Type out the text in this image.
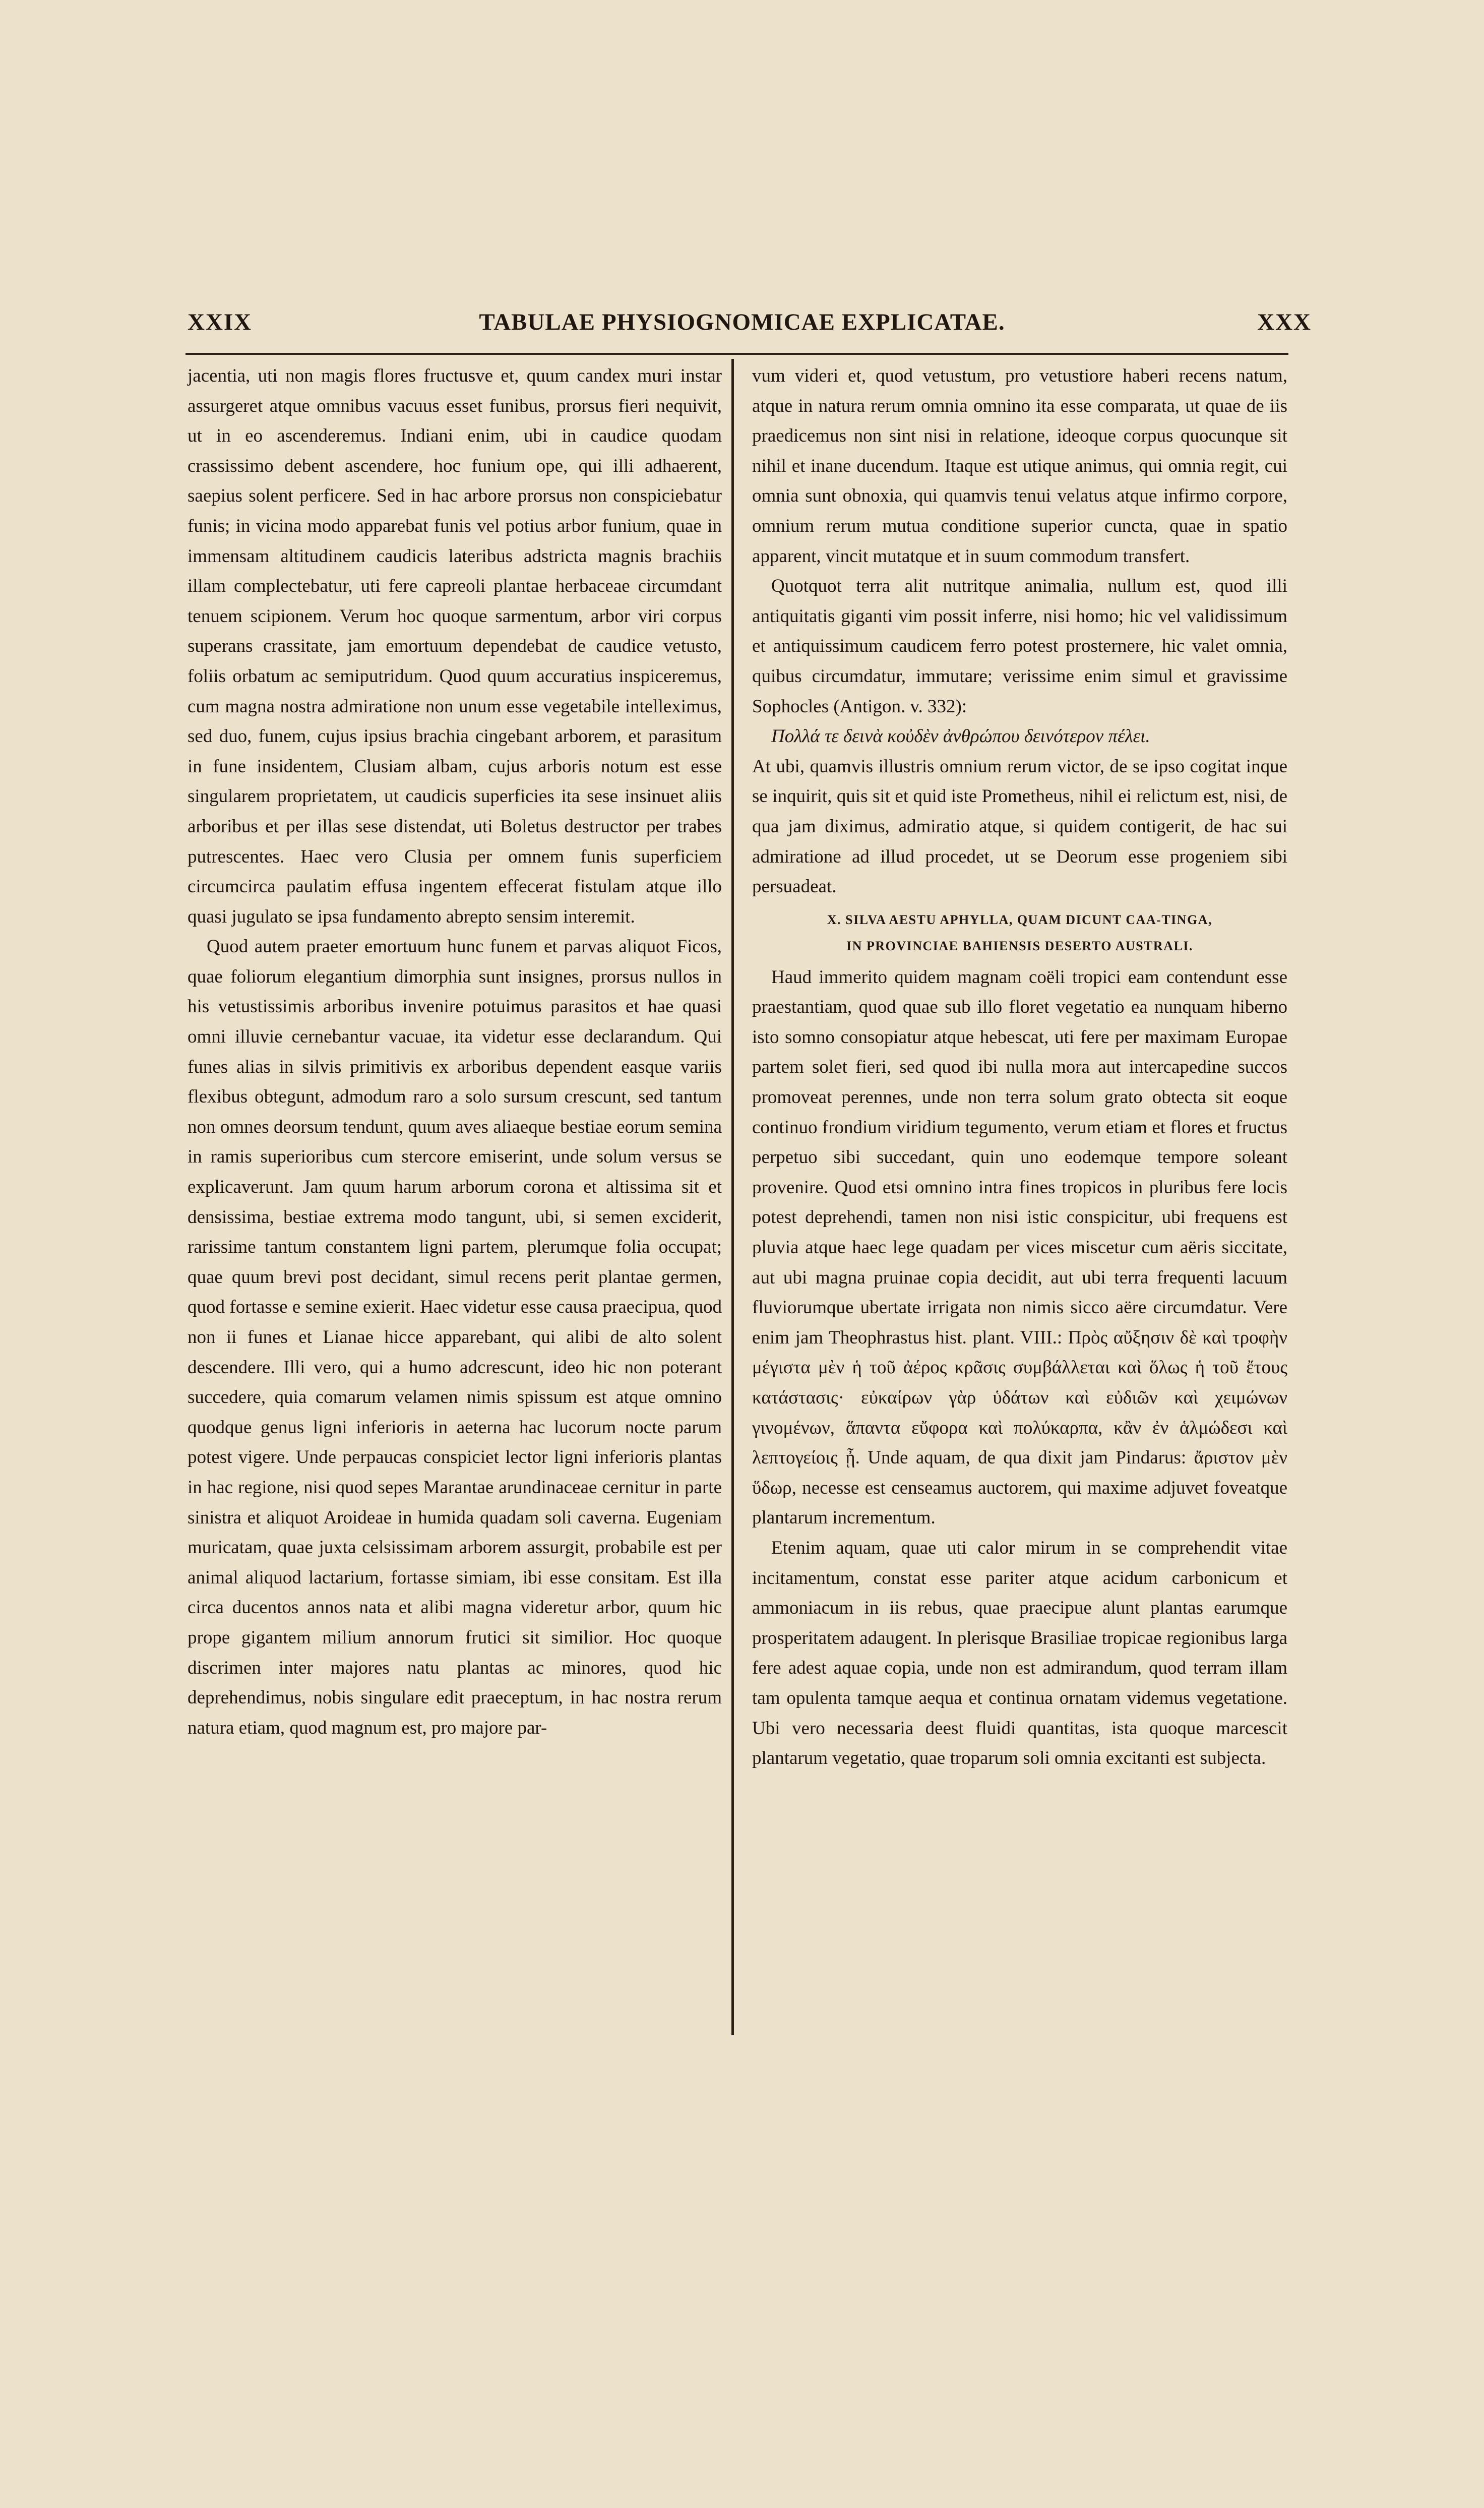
XXIX	TABULAE PHYSIOGNOMICAE EXPLICATAE.	XXX

jacentia, uti non magis flores fructusve et, quum candex muri instar assurgeret atque omnibus vacuus esset funibus, prorsus fieri nequivit, ut in eo ascenderemus. Indiani enim, ubi in caudice quodam crassissimo debent ascendere, hoc funium ope, qui illi adhaerent, saepius solent perficere. Sed in hac arbore prorsus non conspiciebatur funis; in vicina modo apparebat funis vel potius arbor funium, quae in immensam altitudinem caudicis lateribus adstricta magnis brachiis illam complectebatur, uti fere capreoli plantae herbaceae circumdant tenuem scipionem. Verum hoc quoque sarmentum, arbor viri corpus superans crassitate, jam emortuum dependebat de caudice vetusto, foliis orbatum ac semiputridum. Quod quum accuratius inspiceremus, cum magna nostra admiratione non unum esse vegetabile intelleximus, sed duo, funem, cujus ipsius brachia cingebant arborem, et parasitum in fune insidentem, Clusiam albam, cujus arboris notum est esse singularem proprietatem, ut caudicis superficies ita sese insinuet aliis arboribus et per illas sese distendat, uti Boletus destructor per trabes putrescentes. Haec vero Clusia per omnem funis superficiem circumcirca paulatim effusa ingentem effecerat fistulam atque illo quasi jugulato se ipsa fundamento abrepto sensim interemit.

Quod autem praeter emortuum hunc funem et parvas aliquot Ficos, quae foliorum elegantium dimorphia sunt insignes, prorsus nullos in his vetustissimis arboribus invenire potuimus parasitos et hae quasi omni illuvie cernebantur vacuae, ita videtur esse declarandum. Qui funes alias in silvis primitivis ex arboribus dependent easque variis flexibus obtegunt, admodum raro a solo sursum crescunt, sed tantum non omnes deorsum tendunt, quum aves aliaeque bestiae eorum semina in ramis superioribus cum stercore emiserint, unde solum versus se explicaverunt. Jam quum harum arborum corona et altissima sit et densissima, bestiae extrema modo tangunt, ubi, si semen exciderit, rarissime tantum constantem ligni partem, plerumque folia occupat; quae quum brevi post decidant, simul recens perit plantae germen, quod fortasse e semine exierit. Haec videtur esse causa praecipua, quod non ii funes et Lianae hicce apparebant, qui alibi de alto solent descendere. Illi vero, qui a humo adcrescunt, ideo hic non poterant succedere, quia comarum velamen nimis spissum est atque omnino quodque genus ligni inferioris in aeterna hac lucorum nocte parum potest vigere. Unde perpaucas conspiciet lector ligni inferioris plantas in hac regione, nisi quod sepes Marantae arundinaceae cernitur in parte sinistra et aliquot Aroideae in humida quadam soli caverna. Eugeniam muricatam, quae juxta celsissimam arborem assurgit, probabile est per animal aliquod lactarium, fortasse simiam, ibi esse consitam. Est illa circa ducentos annos nata et alibi magna videretur arbor, quum hic prope gigantem milium annorum frutici sit similior. Hoc quoque discrimen inter majores natu plantas ac minores, quod hic deprehendimus, nobis singulare edit praeceptum, in hac nostra rerum natura etiam, quod magnum est, pro majore par-

vum videri et, quod vetustum, pro vetustiore haberi recens natum, atque in natura rerum omnia omnino ita esse comparata, ut quae de iis praedicemus non sint nisi in relatione, ideoque corpus quocunque sit nihil et inane ducendum. Itaque est utique animus, qui omnia regit, cui omnia sunt obnoxia, qui quamvis tenui velatus atque infirmo corpore, omnium rerum mutua conditione superior cuncta, quae in spatio apparent, vincit mutatque et in suum commodum transfert.

Quotquot terra alit nutritque animalia, nullum est, quod illi antiquitatis giganti vim possit inferre, nisi homo; hic vel validissimum et antiquissimum caudicem ferro potest prosternere, hic valet omnia, quibus circumdatur, immutare; verissime enim simul et gravissime Sophocles (Antigon. v. 332):

Πολλά τε δεινὰ κοὐδὲν ἀνθρώπου δεινότερον πέλει.

At ubi, quamvis illustris omnium rerum victor, de se ipso cogitat inque se inquirit, quis sit et quid iste Prometheus, nihil ei relictum est, nisi, de qua jam diximus, admiratio atque, si quidem contigerit, de hac sui admiratione ad illud procedet, ut se Deorum esse progeniem sibi persuadeat.

X. SILVA AESTU APHYLLA, QUAM DICUNT CAA-TINGA,
IN PROVINCIAE BAHIENSIS DESERTO AUSTRALI.

Haud immerito quidem magnam coëli tropici eam contendunt esse praestantiam, quod quae sub illo floret vegetatio ea nunquam hiberno isto somno consopiatur atque hebescat, uti fere per maximam Europae partem solet fieri, sed quod ibi nulla mora aut intercapedine succos promoveat perennes, unde non terra solum grato obtecta sit eoque continuo frondium viridium tegumento, verum etiam et flores et fructus perpetuo sibi succedant, quin uno eodemque tempore soleant provenire. Quod etsi omnino intra fines tropicos in pluribus fere locis potest deprehendi, tamen non nisi istic conspicitur, ubi frequens est pluvia atque haec lege quadam per vices miscetur cum aëris siccitate, aut ubi magna pruinae copia decidit, aut ubi terra frequenti lacuum fluviorumque ubertate irrigata non nimis sicco aëre circumdatur. Vere enim jam Theophrastus hist. plant. VIII.: Πρὸς αὔξησιν δὲ καὶ τροφὴν μέγιστα μὲν ἡ τοῦ ἀέρος κρᾶσις συμβάλλεται καὶ ὅλως ἡ τοῦ ἔτους κατάστασις· εὐκαίρων γὰρ ὑδάτων καὶ εὐδιῶν καὶ χειμώνων γινομένων, ἅπαντα εὔφορα καὶ πολύκαρπα, κἂν ἐν ἁλμώδεσι καὶ λεπτογείοις ᾖ. Unde aquam, de qua dixit jam Pindarus: ἄριστον μὲν ὕδωρ, necesse est censeamus auctorem, qui maxime adjuvet foveatque plantarum incrementum.

Etenim aquam, quae uti calor mirum in se comprehendit vitae incitamentum, constat esse pariter atque acidum carbonicum et ammoniacum in iis rebus, quae praecipue alunt plantas earumque prosperitatem adaugent. In plerisque Brasiliae tropicae regionibus larga fere adest aquae copia, unde non est admirandum, quod terram illam tam opulenta tamque aequa et continua ornatam videmus vegetatione. Ubi vero necessaria deest fluidi quantitas, ista quoque marcescit plantarum vegetatio, quae troparum soli omnia excitanti est subjecta.
